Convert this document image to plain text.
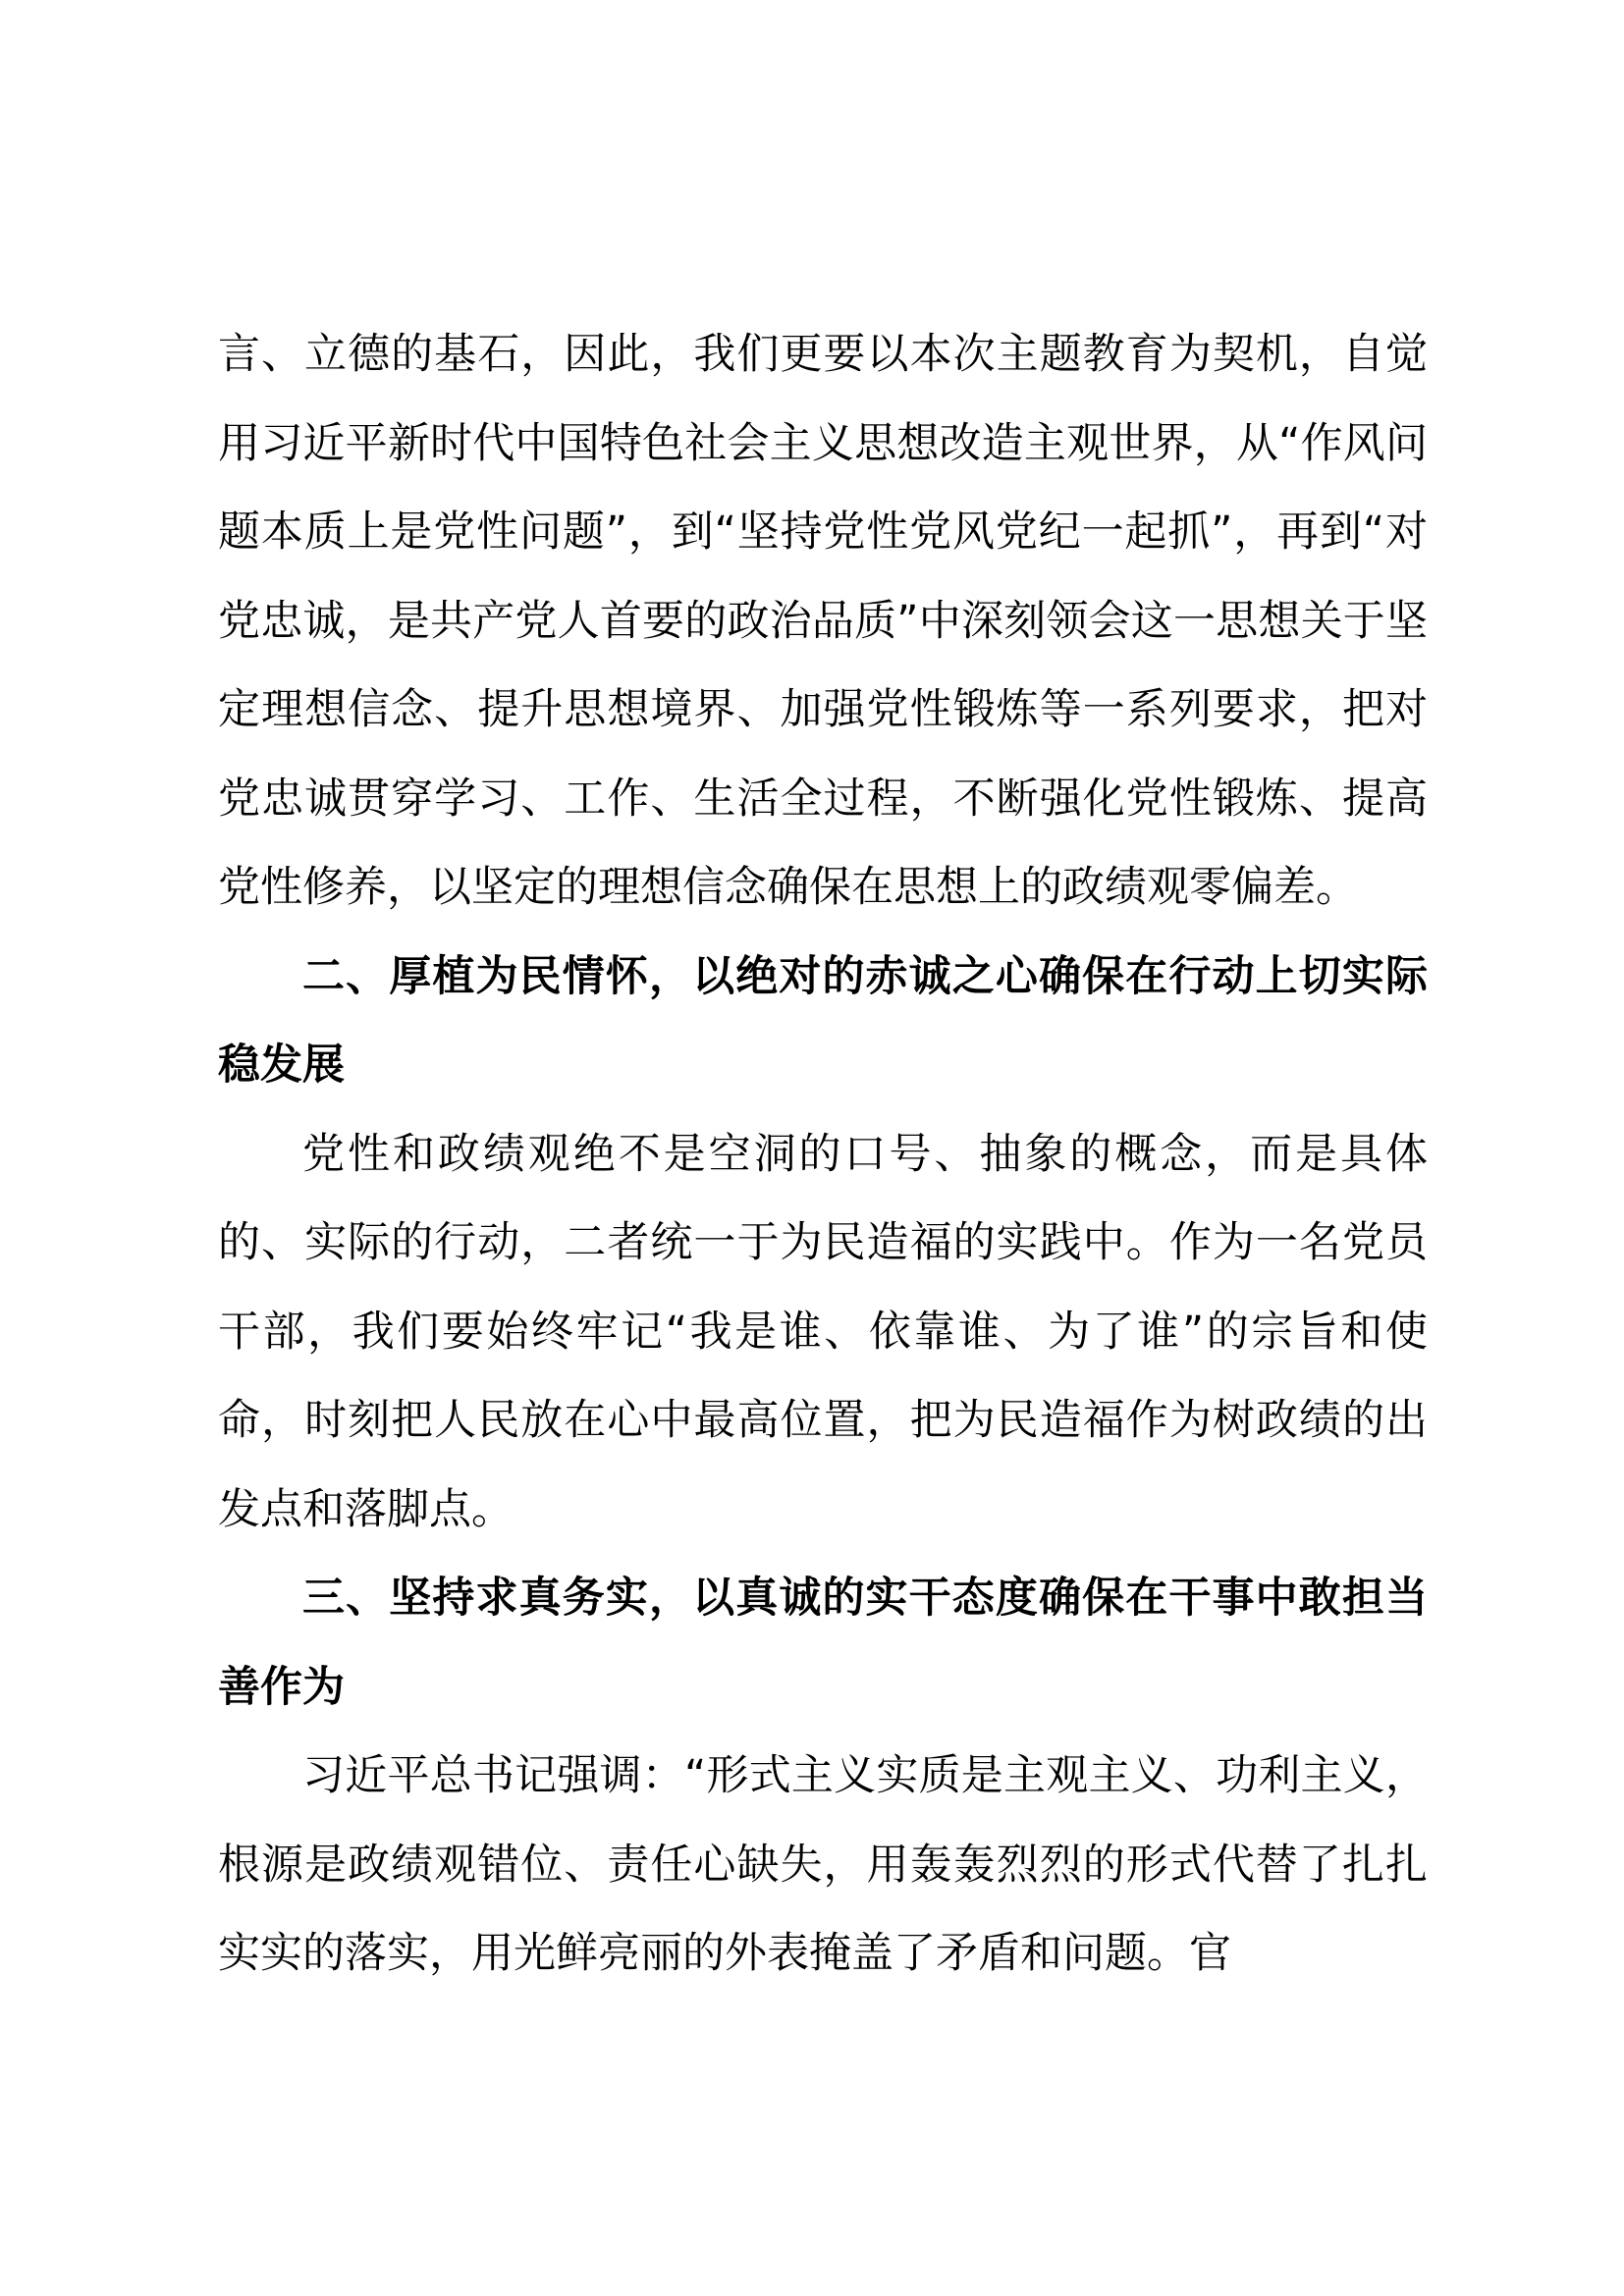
言、立德的基石，因此，我们更要以本次主题教育为契机，自觉用习近平新时代中国特色社会主义思想改造主观世界，从“作风问题本质上是党性问题”，到“坚持党性党风党纪一起抓”，再到“对党忠诚，是共产党人首要的政治品质”中深刻领会这一思想关于坚定理想信念、提升思想境界、加强党性锻炼等一系列要求，把对党忠诚贯穿学习、工作、生活全过程，不断强化党性锻炼、提高党性修养，以坚定的理想信念确保在思想上的政绩观零偏差。

二、厚植为民情怀，以绝对的赤诚之心确保在行动上切实际稳发展

党性和政绩观绝不是空洞的口号、抽象的概念，而是具体的、实际的行动，二者统一于为民造福的实践中。作为一名党员干部，我们要始终牢记“我是谁、依靠谁、为了谁”的宗旨和使命，时刻把人民放在心中最高位置，把为民造福作为树政绩的出发点和落脚点。

三、坚持求真务实，以真诚的实干态度确保在干事中敢担当善作为

习近平总书记强调：“形式主义实质是主观主义、功利主义，根源是政绩观错位、责任心缺失，用轰轰烈烈的形式代替了扎扎实实的落实，用光鲜亮丽的外表掩盖了矛盾和问题。官
